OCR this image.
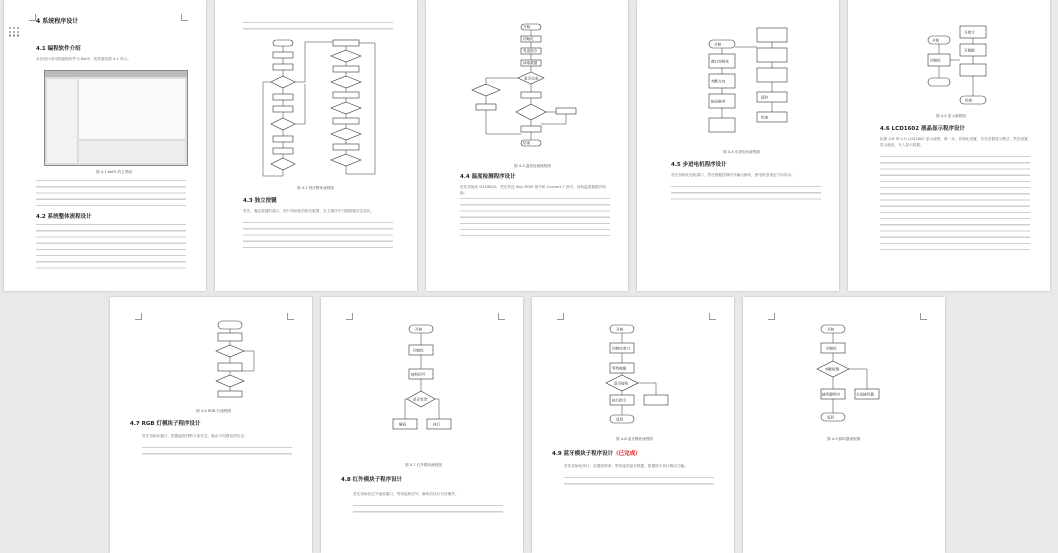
4 系统程序设计
4.1 编程软件介绍
本次设计采用的编程软件为 Keil5，其界面如图 4-1 所示。
图 4-1 Keil5 的主界面
4.2 系统整体流程设计
图 4-2 程序整体流程图
4.3 独立按键
首先，确定按键的端口，进行初始化的相关配置，在主循环中扫描按键状态变化。
开始
初始化
发送指令
读取数据
是否完成
结束
图 4-3 温度检测流程图
4.4 温度检测程序设计
首先初始化 DS18B20，然后发送 Skip ROM 指令和 Convert T 指令，读取温度数据并转换。
开始
端口初始化
判断方向
输出脉冲
延时
结束
图 4-4 步进电机流程图
4.5 步进电机程序设计
首先初始化电机端口，然后根据控制信号输出脉冲，使电机按指定方向转动。
开始
初始化
写指令
写数据
结束
图 4-5 显示流程图
4.6 LCD1602 液晶显示程序设计
如图 4-6 所示为 LCD1602 显示流程，第一步，初始化设置，首先设置显示模式，然后设置显示地址，写入显示数据。
图 4-6 RGB 灯流程图
4.7 RGB 灯模块子程序设计
首先初始化端口，根据温度判断当前状态，输出不同颜色的灯光。
开始
初始化
接收信号
是否有效
解码	执行
图 4-7 红外模块流程图
4.8 红外模块子程序设计
首先初始化红外接收端口，等待接收信号，解码后执行对应操作。
开始
初始化串口
等待数据
是否接收
执行指令
返回
图 4-8 蓝牙模块流程图
4.9 蓝牙模块子程序设计（已完成）
首先初始化串口，设置波特率，等待接收蓝牙数据，根据指令执行相应功能。
开始
初始化
判断报警
蜂鸣器鸣叫	关闭蜂鸣器
返回
图 4-9 蜂鸣器流程图
